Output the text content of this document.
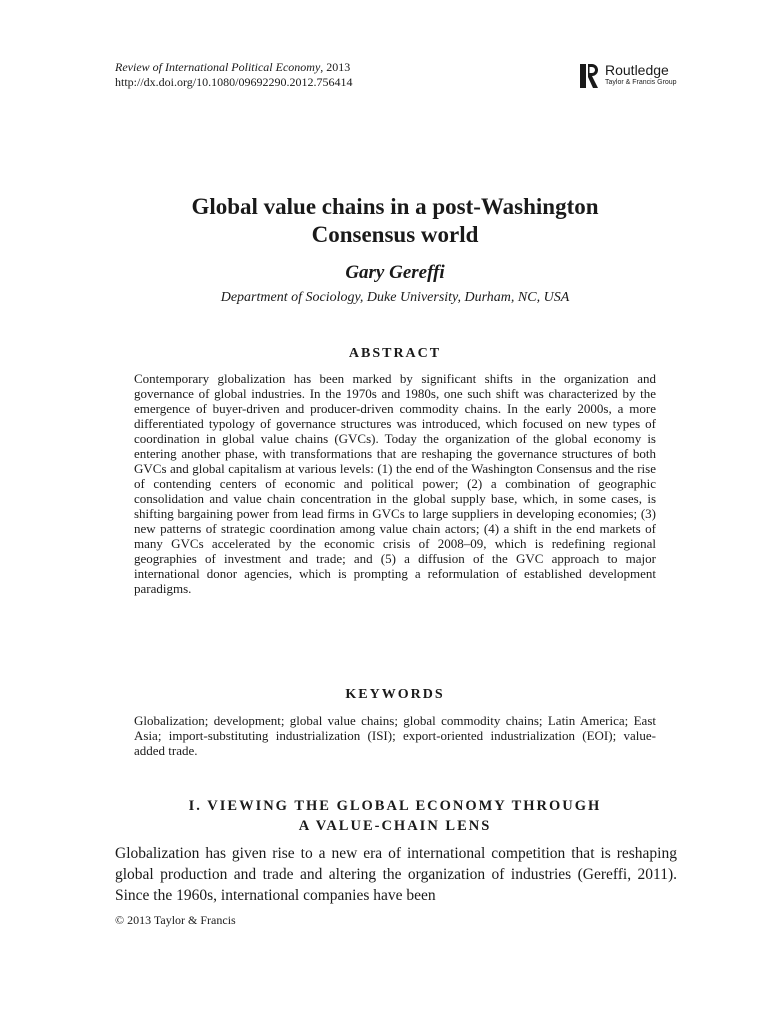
Review of International Political Economy, 2013
http://dx.doi.org/10.1080/09692290.2012.756414
Routledge
Taylor & Francis Group
Global value chains in a post-Washington
Consensus world
Gary Gereffi
Department of Sociology, Duke University, Durham, NC, USA
ABSTRACT

Contemporary globalization has been marked by significant shifts in the organization and governance of global industries. In the 1970s and 1980s, one such shift was characterized by the emergence of buyer-driven and producer-driven commodity chains. In the early 2000s, a more differentiated typology of governance structures was introduced, which focused on new types of coordination in global value chains (GVCs). Today the organization of the global economy is entering another phase, with transformations that are reshaping the governance structures of both GVCs and global capitalism at various levels: (1) the end of the Washington Consensus and the rise of contending centers of economic and political power; (2) a combination of geographic consolidation and value chain concentration in the global supply base, which, in some cases, is shifting bargaining power from lead firms in GVCs to large suppliers in developing economies; (3) new patterns of strategic coordination among value chain actors; (4) a shift in the end markets of many GVCs accelerated by the economic crisis of 2008–09, which is redefining regional geographies of investment and trade; and (5) a diffusion of the GVC approach to major international donor agencies, which is prompting a reformulation of established development paradigms.

KEYWORDS

Globalization; development; global value chains; global commodity chains; Latin America; East Asia; import-substituting industrialization (ISI); export-oriented industrialization (EOI); value-added trade.

I. VIEWING THE GLOBAL ECONOMY THROUGH
A VALUE-CHAIN LENS

Globalization has given rise to a new era of international competition that is reshaping global production and trade and altering the organization of industries (Gereffi, 2011). Since the 1960s, international companies have been

© 2013 Taylor & Francis
